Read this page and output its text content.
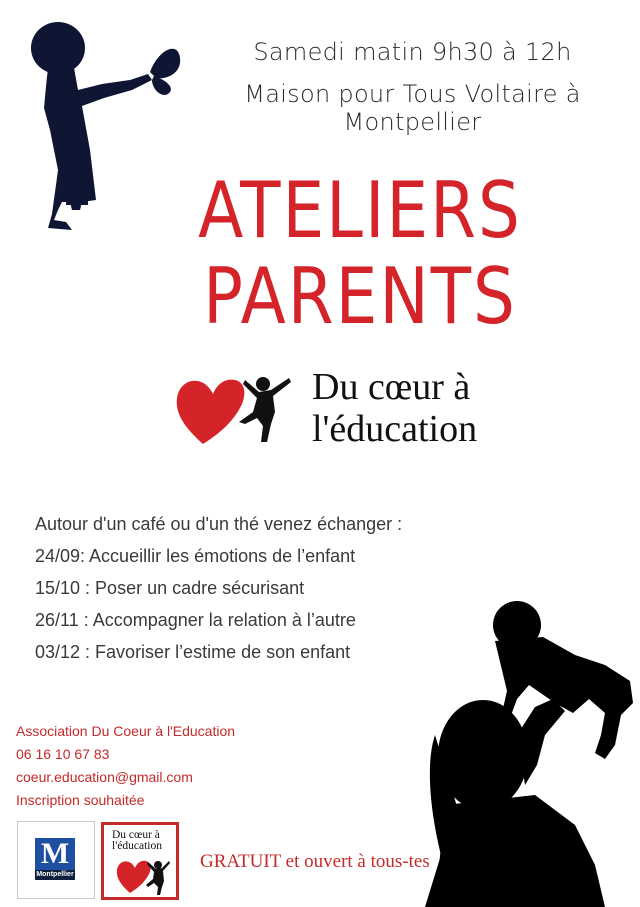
Samedi matin 9h30 à 12h
Maison pour Tous Voltaire à Montpellier
ATELIERS
PARENTS
Du cœur à
l'éducation
Autour d'un café ou d'un thé venez échanger :
24/09: Accueillir les émotions de l’enfant
15/10 : Poser un cadre sécurisant
26/11 : Accompagner la relation à l’autre
03/12 : Favoriser l’estime de son enfant
Association Du Coeur à l'Education
06 16 10 67 83
coeur.education@gmail.com
Inscription souhaitée
M
Montpellier
Du cœur à
l'éducation
GRATUIT et ouvert à tous-tes
